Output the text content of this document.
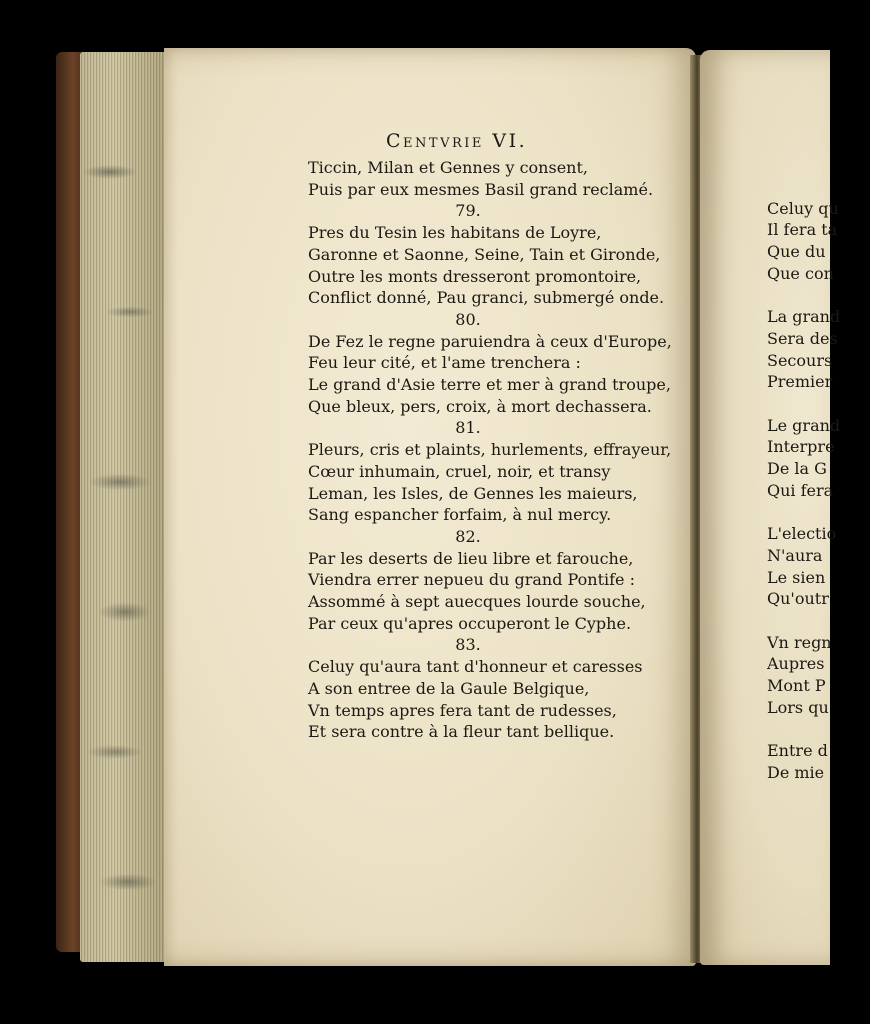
Celuy qu
Il fera ta
Que du
Que con
La grand
Sera des
Secours
Premier
Le grand
Interpre
De la G
Qui fera
L'electio
N'aura
Le sien
Qu'outr
Vn regn
Aupres
Mont P
Lors qu
Entre d
De mie
Centvrie VI.
Ticcin, Milan et Gennes y consent,
Puis par eux mesmes Basil grand reclamé.
79.
Pres du Tesin les habitans de Loyre,
Garonne et Saonne, Seine, Tain et Gironde,
Outre les monts dresseront promontoire,
Conflict donné, Pau granci, submergé onde.
80.
De Fez le regne paruiendra à ceux d'Europe,
Feu leur cité, et l'ame trenchera :
Le grand d'Asie terre et mer à grand troupe,
Que bleux, pers, croix, à mort dechassera.
81.
Pleurs, cris et plaints, hurlements, effrayeur,
Cœur inhumain, cruel, noir, et transy
Leman, les Isles, de Gennes les maieurs,
Sang espancher forfaim, à nul mercy.
82.
Par les deserts de lieu libre et farouche,
Viendra errer nepueu du grand Pontife :
Assommé à sept auecques lourde souche,
Par ceux qu'apres occuperont le Cyphe.
83.
Celuy qu'aura tant d'honneur et caresses
A son entree de la Gaule Belgique,
Vn temps apres fera tant de rudesses,
Et sera contre à la fleur tant bellique.
